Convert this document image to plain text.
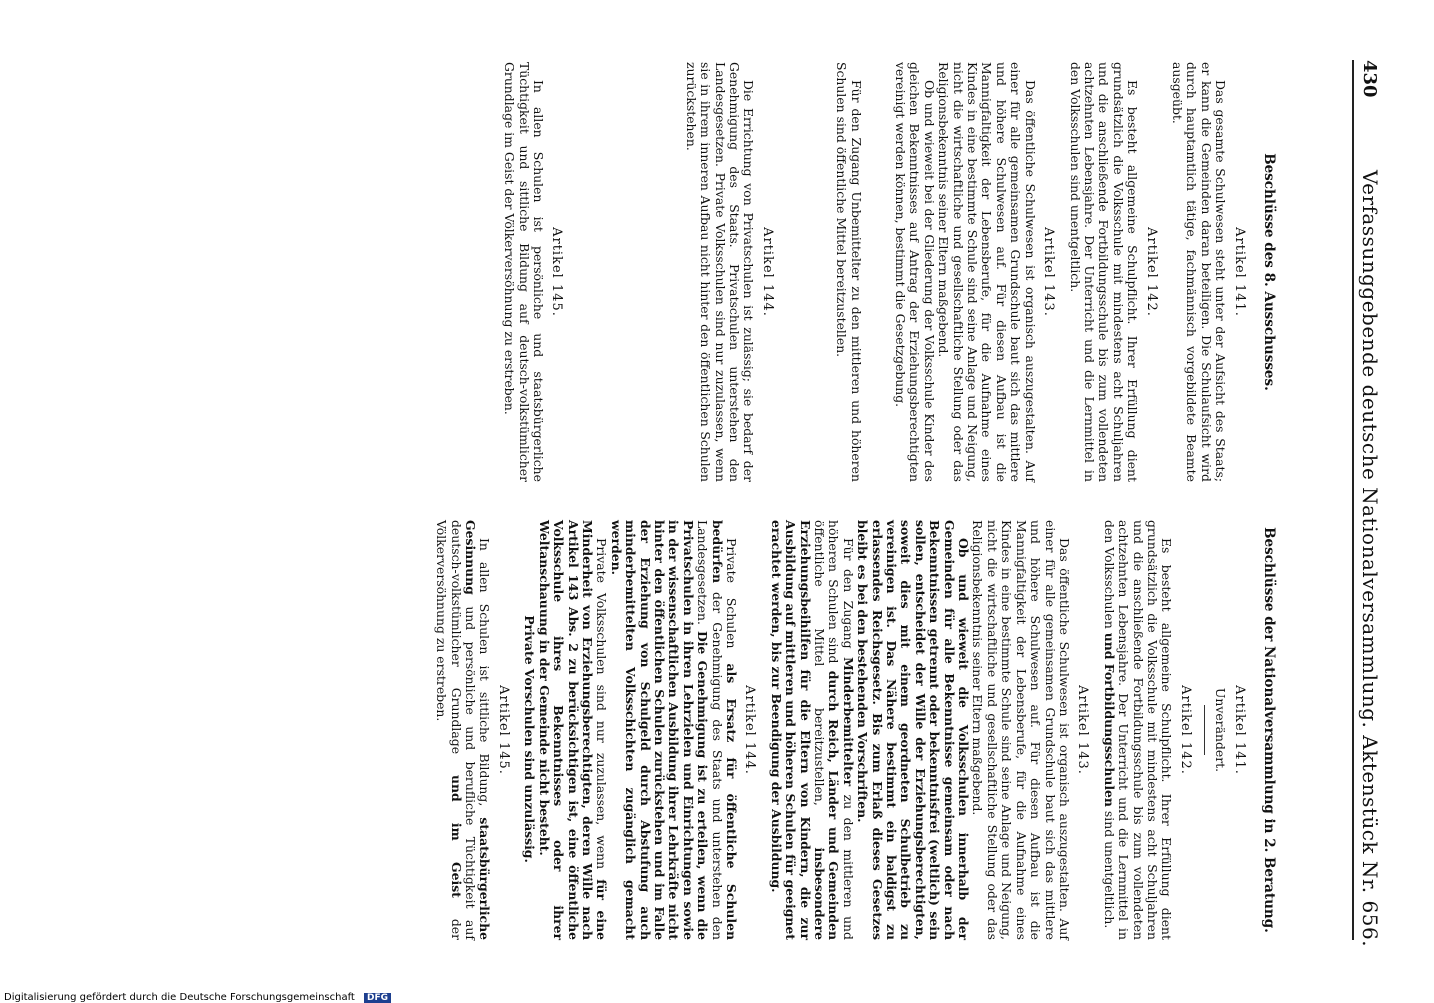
430
Verfassunggebende deutsche Nationalversammlung. Aktenstück Nr. 656.
Beschlüsse des 8. Ausschusses.
Artikel 141.

Das gesamte Schulwesen steht unter der Aufsicht des Staats; er kann die Gemeinden daran beteiligen. Die Schulaufsicht wird durch hauptamtlich tätige, fachmännisch vorgebildete Beamte ausgeübt.

Artikel 142.

Es besteht allgemeine Schulpflicht. Ihrer Erfüllung dient grundsätzlich die Volksschule mit mindestens acht Schuljahren und die anschließende Fortbildungsschule bis zum vollendeten achtzehnten Lebensjahre. Der Unterricht und die Lernmittel in den Volksschulen sind unentgeltlich.

Artikel 143.

Das öffentliche Schulwesen ist organisch auszugestalten. Auf einer für alle gemeinsamen Grundschule baut sich das mittlere und höhere Schulwesen auf. Für diesen Aufbau ist die Mannigfaltigkeit der Lebensberufe, für die Aufnahme eines Kindes in eine bestimmte Schule sind seine Anlage und Neigung, nicht die wirtschaftliche und gesellschaftliche Stellung oder das Religionsbekenntnis seiner Eltern maßgebend.

Ob und wieweit bei der Gliederung der Volksschule Kinder des gleichen Bekenntnisses auf Antrag der Erziehungsberechtigten vereinigt werden können, bestimmt die Gesetzgebung.

Für den Zugang Unbemittelter zu den mittleren und höheren Schulen sind öffentliche Mittel bereitzustellen.

Artikel 144.

Die Errichtung von Privatschulen ist zulässig; sie bedarf der Genehmigung des Staats. Privatschulen unterstehen den Landesgesetzen. Private Volksschulen sind nur zuzulassen, wenn sie in ihrem inneren Aufbau nicht hinter den öffentlichen Schulen zurückstehen.

Artikel 145.

In allen Schulen ist persönliche und staatsbürgerliche Tüchtigkeit und sittliche Bildung auf deutsch-volkstümlicher Grundlage im Geist der Völkerversöhnung zu erstreben.

Beschlüsse der Nationalversammlung in 2. Beratung.
Artikel 141.
Unverändert.
Artikel 142.

Es besteht allgemeine Schulpflicht. Ihrer Erfüllung dient grundsätzlich die Volksschule mit mindestens acht Schuljahren und die anschließende Fortbildungsschule bis zum vollendeten achtzehnten Lebensjahre. Der Unterricht und die Lernmittel in den Volksschulen und Fortbildungsschulen sind unentgeltlich.

Artikel 143.

Das öffentliche Schulwesen ist organisch auszugestalten. Auf einer für alle gemeinsamen Grundschule baut sich das mittlere und höhere Schulwesen auf. Für diesen Aufbau ist die Mannigfaltigkeit der Lebensberufe, für die Aufnahme eines Kindes in eine bestimmte Schule sind seine Anlage und Neigung, nicht die wirtschaftliche und gesellschaftliche Stellung oder das Religionsbekenntnis seiner Eltern maßgebend.

Ob und wieweit die Volksschulen innerhalb der Gemeinden für alle Bekenntnisse gemeinsam oder nach Bekenntnissen getrennt oder bekenntnisfrei (weltlich) sein sollen, entscheidet der Wille der Erziehungsberechtigten, soweit dies mit einem geordneten Schulbetrieb zu vereinigen ist. Das Nähere bestimmt ein baldigst zu erlassendes Reichsgesetz. Bis zum Erlaß dieses Gesetzes bleibt es bei den bestehenden Vorschriften.

Für den Zugang Minderbemittelter zu den mittleren und höheren Schulen sind durch Reich, Länder und Gemeinden öffentliche Mittel bereitzustellen, insbesondere Erziehungsbeihilfen für die Eltern von Kindern, die zur Ausbildung auf mittleren und höheren Schulen für geeignet erachtet werden, bis zur Beendigung der Ausbildung.

Artikel 144.

Private Schulen als Ersatz für öffentliche Schulen bedürfen der Genehmigung des Staats und unterstehen den Landesgesetzen. Die Genehmigung ist zu erteilen, wenn die Privatschulen in ihren Lehrzielen und Einrichtungen sowie in der wissenschaftlichen Ausbildung ihrer Lehrkräfte nicht hinter den öffentlichen Schulen zurückstehen und im Falle der Erziehung von Schulgeld durch Abstufung auch minderbemittelten Volksschichten zugänglich gemacht werden.

Private Volksschulen sind nur zuzulassen, wenn für eine Minderheit von Erziehungsberechtigten, deren Wille nach Artikel 143 Abs. 2 zu berücksichtigen ist, eine öffentliche Volksschule ihres Bekenntnisses oder ihrer Weltanschauung in der Gemeinde nicht besteht.

Private Vorschulen sind unzulässig.

Artikel 145.

In allen Schulen ist sittliche Bildung, staatsbürgerliche Gesinnung und persönliche und berufliche Tüchtigkeit auf deutsch-volkstümlicher Grundlage und im Geist der Völkerversöhnung zu erstreben.

Digitalisierung gefördert durch die Deutsche Forschungsgemeinschaft DFG
